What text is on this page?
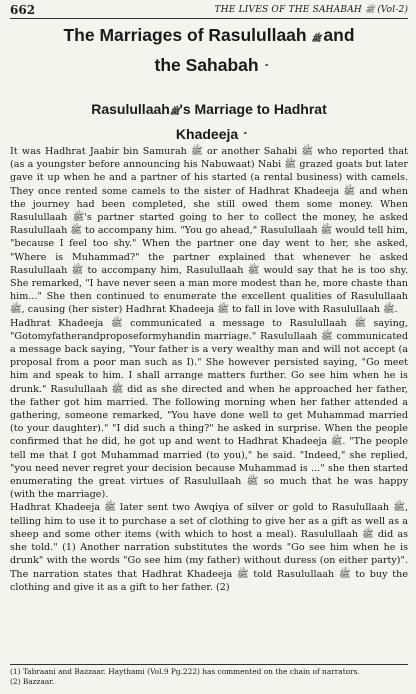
662	THE LIVES OF THE SAHABAH ﷺ (Vol-2)
The Marriages of Rasulullaah ﷺ and
the Sahabah
Rasulullaahﷺ's Marriage to Hadhrat
Khadeeja

It was Hadhrat Jaabir bin Samurah ﷺ or another Sahabi ﷺ who reported that (as a youngster before announcing his Nabuwaat) Nabi ﷺ grazed goats but later gave it up when he and a partner of his started (a rental business) with camels. They once rented some camels to the sister of Hadhrat Khadeeja ﷺ and when the journey had been completed, she still owed them some money. When Rasulullaah ﷺ's partner started going to her to collect the money, he asked Rasulullaah ﷺ to accompany him. "You go ahead," Rasulullaah ﷺ would tell him, "because I feel too shy." When the partner one day went to her, she asked, "Where is Muhammad?" the partner explained that whenever he asked Rasulullaah ﷺ to accompany him, Rasulullaah ﷺ would say that he is too shy. She remarked, "I have never seen a man more modest than he, more chaste than him..." She then continued to enumerate the excellent qualities of Rasulullaah ﷺ, causing (her sister) Hadhrat Khadeeja ﷺ to fall in love with Rasulullaah ﷺ.

Hadhrat Khadeeja ﷺ communicated a message to Rasulullaah ﷺ saying, "Gotomyfatherandproposeformyhandin marriage." Rasulullaah ﷺ communicated a message back saying, "Your father is a very wealthy man and will not accept (a proposal from a poor man such as I)." She however persisted saying, "Go meet him and speak to him. I shall arrange matters further. Go see him when he is drunk." Rasulullaah ﷺ did as she directed and when he approached her father, the father got him married. The following morning when her father attended a gathering, someone remarked, "You have done well to get Muhammad married (to your daughter)." "I did such a thing?" he asked in surprise. When the people confirmed that he did, he got up and went to Hadhrat Khadeeja ﷺ. "The people tell me that I got Muhammad married (to you)," he said. "Indeed," she replied, "you need never regret your decision because Muhammad is ..." she then started enumerating the great virtues of Rasulullaah ﷺ so much that he was happy (with the marriage).

Hadhrat Khadeeja ﷺ later sent two Awqiya of silver or gold to Rasulullaah ﷺ, telling him to use it to purchase a set of clothing to give her as a gift as well as a sheep and some other items (with which to host a meal). Rasulullaah ﷺ did as she told." (1) Another narration substitutes the words "Go see him when he is drunk" with the words "Go see him (my father) without duress (on either party)". The narration states that Hadhrat Khadeeja ﷺ told Rasulullaah ﷺ to buy the clothing and give it as a gift to her father. (2)

(1) Tabraani and Bazzaar. Haythami (Vol.9 Pg.222) has commented on the chain of narrators.
(2) Bazzaar.
